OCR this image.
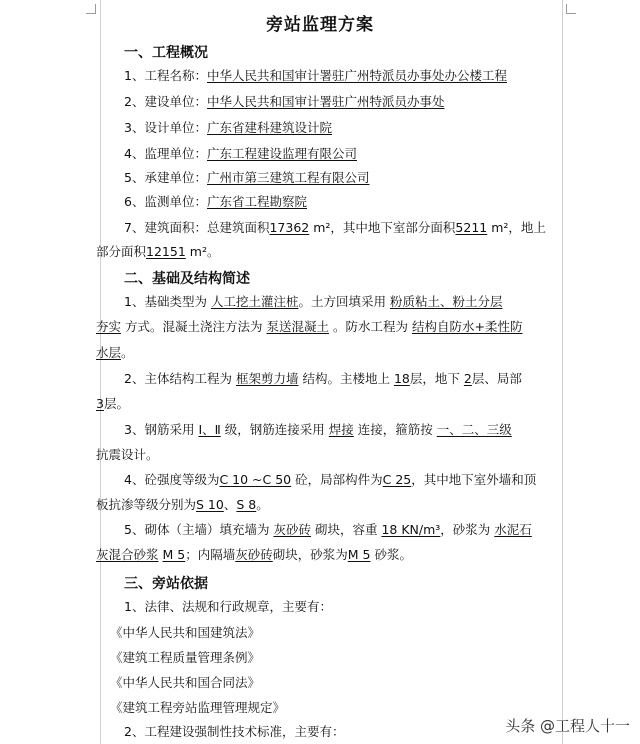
旁站监理方案
一、工程概况
1、工程名称：中华人民共和国审计署驻广州特派员办事处办公楼工程
2、建设单位：中华人民共和国审计署驻广州特派员办事处
3、设计单位：广东省建科建筑设计院
4、监理单位：广东工程建设监理有限公司
5、承建单位：广州市第三建筑工程有限公司
6、监测单位：广东省工程勘察院
7、建筑面积：总建筑面积17362 m²，其中地下室部分面积5211 m²，地上
部分面积12151 m²。
二、基础及结构简述
1、基础类型为 人工挖土灌注桩。土方回填采用 粉质粘土、粉土分层
夯实 方式。混凝土浇注方法为 泵送混凝土 。防水工程为 结构自防水+柔性防
水层。
2、主体结构工程为 框架剪力墙 结构。主楼地上 18层，地下 2层、局部
3层。
3、钢筋采用 Ⅰ、Ⅱ 级，钢筋连接采用 焊接 连接，箍筋按 一、二、三级
抗震设计。
4、砼强度等级为C 10 ~C 50 砼，局部构件为C 25，其中地下室外墙和顶
板抗渗等级分别为S 10、S 8。
5、砌体（主墙）填充墙为 灰砂砖 砌块，容重 18 KN/m³，砂浆为 水泥石
灰混合砂浆 M 5；内隔墙灰砂砖砌块，砂浆为M 5 砂浆。
三、旁站依据
1、法律、法规和行政规章，主要有：
《中华人民共和国建筑法》
《建筑工程质量管理条例》
《中华人民共和国合同法》
《建筑工程旁站监理管理规定》
2、工程建设强制性技术标准，主要有：	头条 @工程人十一
